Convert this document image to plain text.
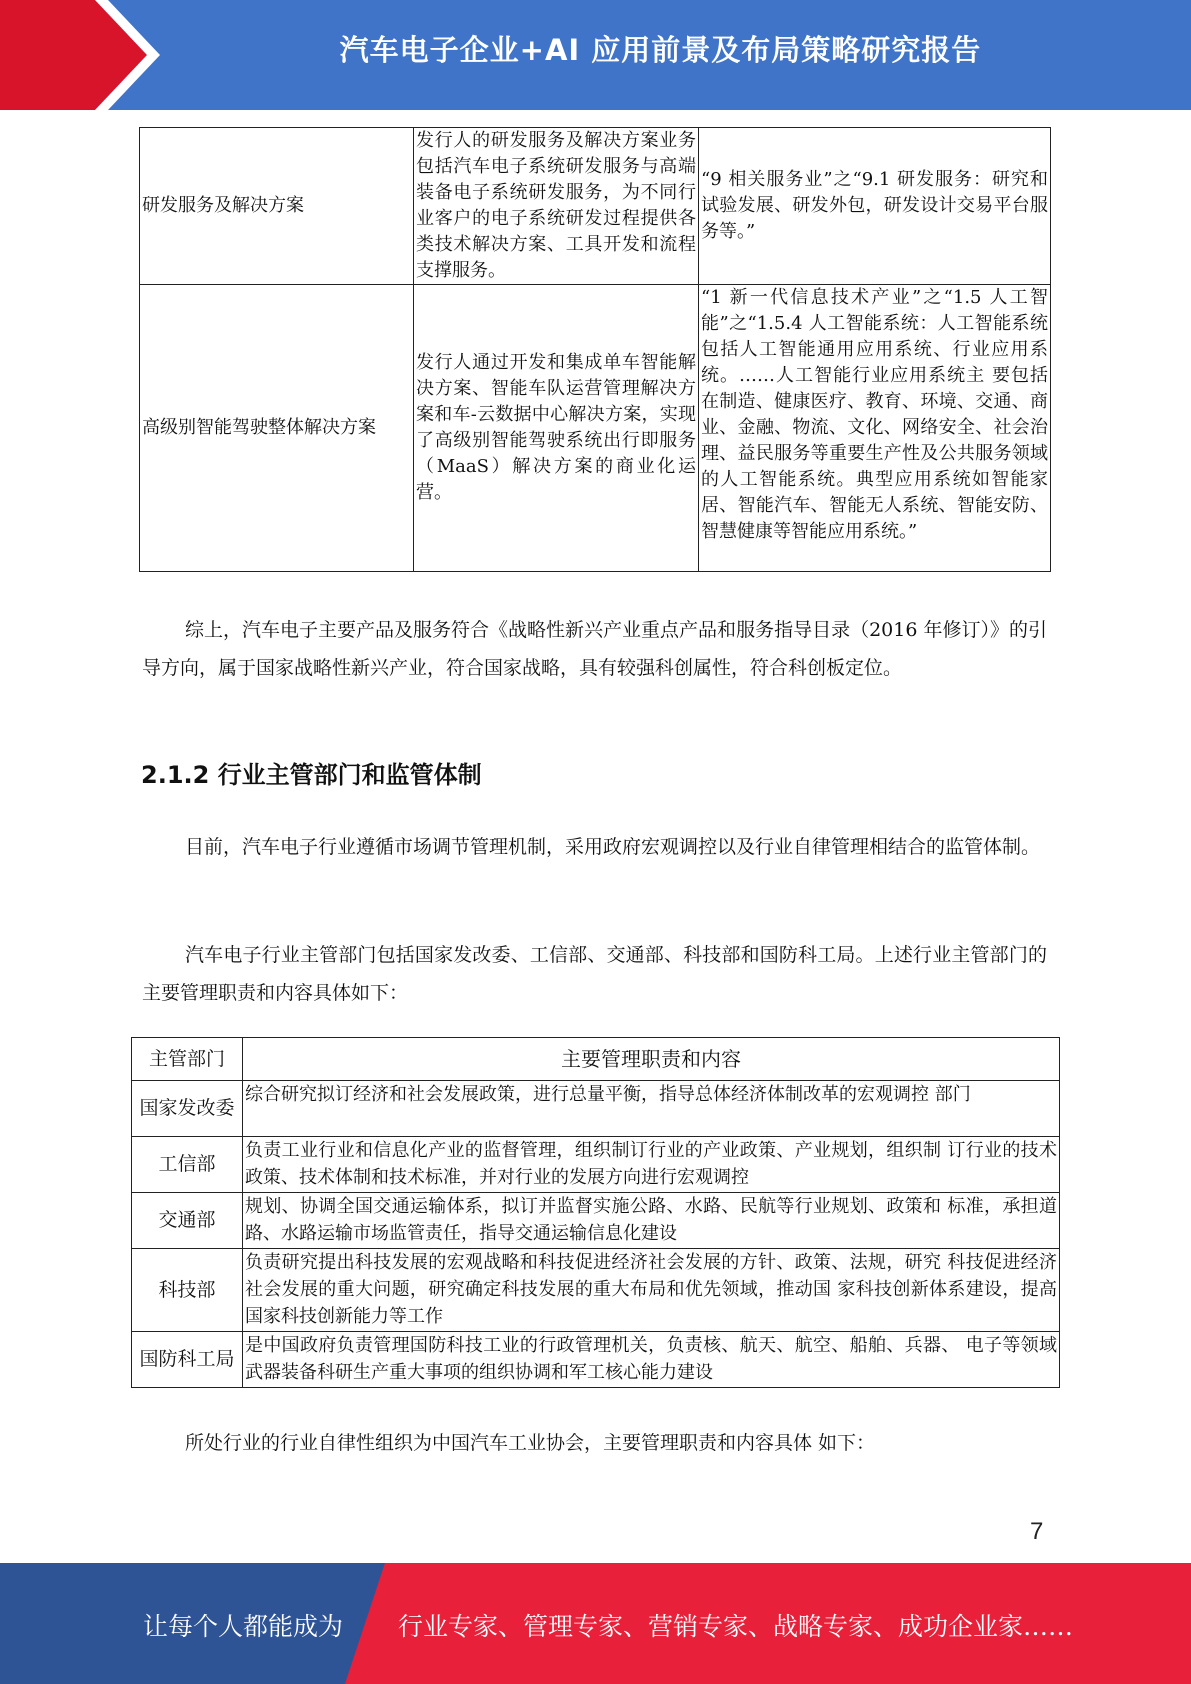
汽车电子企业+AI 应用前景及布局策略研究报告
研发服务及解决方案	发行人的研发服务及解决方案业务包括汽车电子系统研发服务与高端装备电子系统研发服务，为不同行业客户的电子系统研发过程提供各类技术解决方案、工具开发和流程支撑服务。	“9 相关服务业”之“9.1 研发服务：研究和试验发展、研发外包，研发设计交易平台服务等。”
高级别智能驾驶整体解决方案	发行人通过开发和集成单车智能解决方案、智能车队运营管理解决方案和车-云数据中心解决方案，实现了高级别智能驾驶系统出行即服务（MaaS）解决方案的商业化运营。	“1 新一代信息技术产业”之“1.5 人工智能”之“1.5.4 人工智能系统：人工智能系统包括人工智能通用应用系统、行业应用系统。……人工智能行业应用系统主 要包括在制造、健康医疗、教育、环境、交通、商业、金融、物流、文化、网络安全、社会治理、益民服务等重要生产性及公共服务领域的人工智能系统。典型应用系统如智能家居、智能汽车、智能无人系统、智能安防、智慧健康等智能应用系统。”

综上，汽车电子主要产品及服务符合《战略性新兴产业重点产品和服务指导目录（2016 年修订）》的引导方向，属于国家战略性新兴产业，符合国家战略，具有较强科创属性，符合科创板定位。

2.1.2 行业主管部门和监管体制

目前，汽车电子行业遵循市场调节管理机制，采用政府宏观调控以及行业自律管理相结合的监管体制。

汽车电子行业主管部门包括国家发改委、工信部、交通部、科技部和国防科工局。上述行业主管部门的主要管理职责和内容具体如下：

主管部门	主要管理职责和内容
国家发改委	综合研究拟订经济和社会发展政策，进行总量平衡，指导总体经济体制改革的宏观调控 部门
工信部	负责工业行业和信息化产业的监督管理，组织制订行业的产业政策、产业规划，组织制 订行业的技术政策、技术体制和技术标准，并对行业的发展方向进行宏观调控
交通部	规划、协调全国交通运输体系，拟订并监督实施公路、水路、民航等行业规划、政策和 标准，承担道路、水路运输市场监管责任，指导交通运输信息化建设
科技部	负责研究提出科技发展的宏观战略和科技促进经济社会发展的方针、政策、法规，研究 科技促进经济社会发展的重大问题，研究确定科技发展的重大布局和优先领域，推动国 家科技创新体系建设，提高国家科技创新能力等工作
国防科工局	是中国政府负责管理国防科技工业的行政管理机关，负责核、航天、航空、船舶、兵器、 电子等领域武器装备科研生产重大事项的组织协调和军工核心能力建设

所处行业的行业自律性组织为中国汽车工业协会，主要管理职责和内容具体 如下：

7
让每个人都能成为 行业专家、管理专家、营销专家、战略专家、成功企业家……
